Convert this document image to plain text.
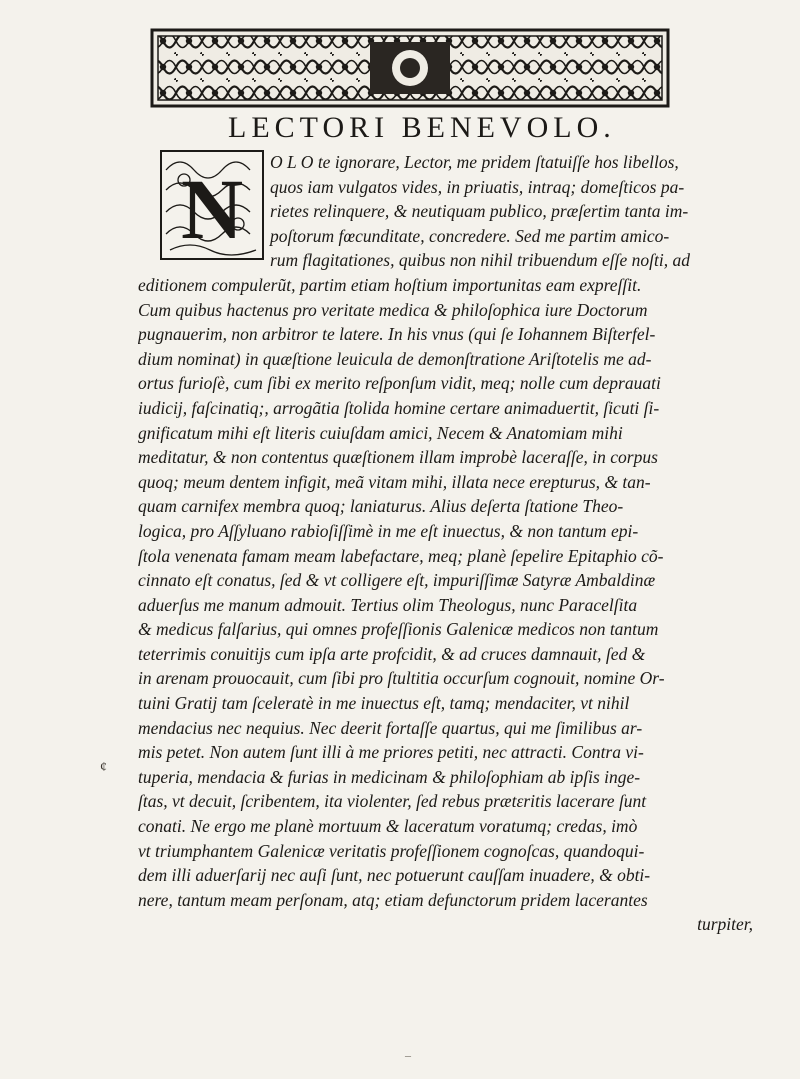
LECTORI BENEVOLO.
N	O L O te ignorare, Lector, me pridem ſtatuiſſe hos libellos,
quos iam vulgatos vides, in priuatis, intraq; domeſticos pa-
rietes relinquere, & neutiquam publico, præſertim tanta im-
poſtorum fœcunditate, concredere. Sed me partim amico-
rum flagitationes, quibus non nihil tribuendum eſſe noſti, ad
editionem compulerũt, partim etiam hoſtium importunitas eam expreſſit.
Cum quibus hactenus pro veritate medica & philoſophica iure Doctorum
pugnauerim, non arbitror te latere. In his vnus (qui ſe Iohannem Biſterfel-
dium nominat) in quæſtione leuicula de demonſtratione Ariſtotelis me ad-
ortus furioſè, cum ſibi ex merito reſponſum vidit, meq; nolle cum deprauati
iudicij, faſcinatiq;, arrogãtia ſtolida homine certare animaduertit, ſicuti ſi-
gnificatum mihi eſt literis cuiuſdam amici, Necem & Anatomiam mihi
meditatur, & non contentus quæſtionem illam improbè laceraſſe, in corpus
quoq; meum dentem infigit, meã vitam mihi, illata nece erepturus, & tan-
quam carnifex membra quoq; laniaturus. Alius deſerta ſtatione Theo-
logica, pro Aſſyluano rabioſiſſimè in me eſt inuectus, & non tantum epi-
ſtola venenata famam meam labefactare, meq; planè ſepelire Epitaphio cõ-
cinnato eſt conatus, ſed & vt colligere eſt, impuriſſimæ Satyræ Ambaldinæ
aduerſus me manum admouit. Tertius olim Theologus, nunc Paracelſita
& medicus falſarius, qui omnes profeſſionis Galenicæ medicos non tantum
teterrimis conuitijs cum ipſa arte profcidit, & ad cruces damnauit, ſed &
in arenam prouocauit, cum ſibi pro ſtultitia occurſum cognouit, nomine Or-
tuini Gratij tam ſceleratè in me inuectus eſt, tamq; mendaciter, vt nihil
mendacius nec nequius. Nec deerit fortaſſe quartus, qui me ſimilibus ar-
mis petet. Non autem ſunt illi à me priores petiti, nec attracti. Contra vi-
tuperia, mendacia & furias in medicinam & philoſophiam ab ipſis inge-
ſtas, vt decuit, ſcribentem, ita violenter, ſed rebus prætεritis lacerare ſunt
conati. Ne ergo me planè mortuum & laceratum voratumq; credas, imò
vt triumphantem Galenicæ veritatis profeſſionem cognoſcas, quandoqui-
dem illi aduerſarij nec auſi ſunt, nec potuerunt cauſſam inuadere, & obti-
nere, tantum meam perſonam, atq; etiam defunctorum pridem lacerantes
turpiter,
¢
–
